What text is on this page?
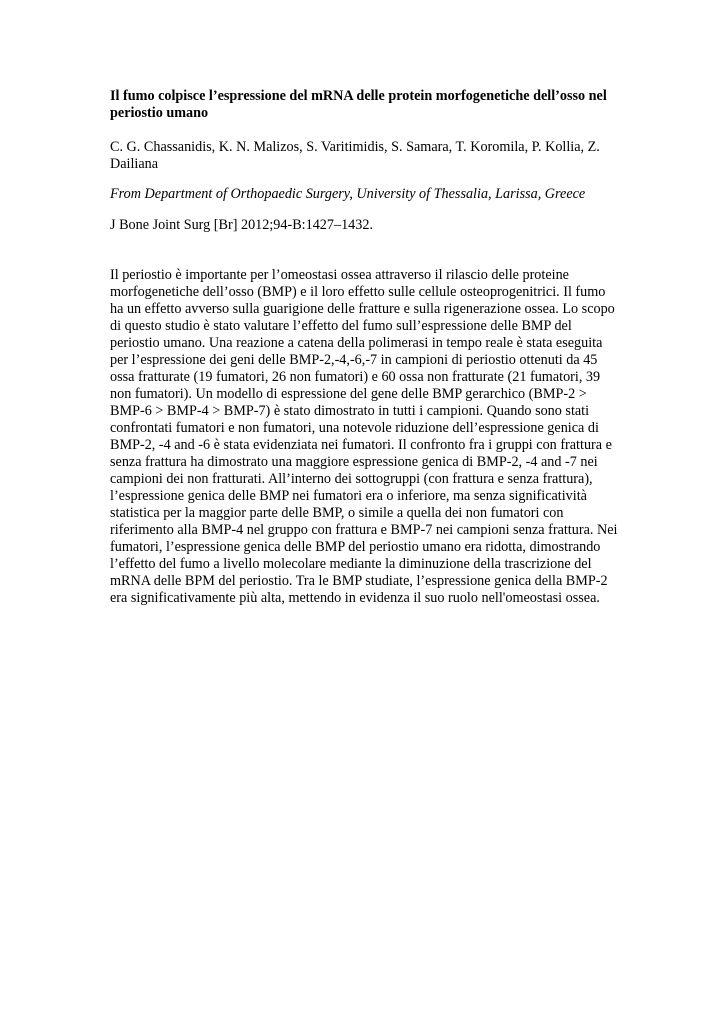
Il fumo colpisce l’espressione del mRNA delle protein morfogenetiche dell’osso nel periostio umano

C. G. Chassanidis, K. N. Malizos, S. Varitimidis, S. Samara, T. Koromila, P. Kollia, Z. Dailiana

From Department of Orthopaedic Surgery, University of Thessalia, Larissa, Greece

J Bone Joint Surg [Br] 2012;94-B:1427–1432.

Il periostio è importante per l’omeostasi ossea attraverso il rilascio delle proteine morfogenetiche dell’osso (BMP) e il loro effetto sulle cellule osteoprogenitrici. Il fumo ha un effetto avverso sulla guarigione delle fratture e sulla rigenerazione ossea. Lo scopo di questo studio è stato valutare l’effetto del fumo sull’espressione delle BMP del periostio umano. Una reazione a catena della polimerasi in tempo reale è stata eseguita per l’espressione dei geni delle BMP-2,-4,-6,-7 in campioni di periostio ottenuti da 45 ossa fratturate (19 fumatori, 26 non fumatori) e 60 ossa non fratturate (21 fumatori, 39 non fumatori). Un modello di espressione del gene delle BMP gerarchico (BMP-2 > BMP-6 > BMP-4 > BMP-7) è stato dimostrato in tutti i campioni. Quando sono stati confrontati fumatori e non fumatori, una notevole riduzione dell’espressione genica di BMP-2, -4 and -6 è stata evidenziata nei fumatori. Il confronto fra i gruppi con frattura e senza frattura ha dimostrato una maggiore espressione genica di BMP-2, -4 and -7 nei campioni dei non fratturati. All’interno dei sottogruppi (con frattura e senza frattura), l’espressione genica delle BMP nei fumatori era o inferiore, ma senza significatività statistica per la maggior parte delle BMP, o simile a quella dei non fumatori con riferimento alla BMP-4 nel gruppo con frattura e BMP-7 nei campioni senza frattura. Nei fumatori, l’espressione genica delle BMP del periostio umano era ridotta, dimostrando l’effetto del fumo a livello molecolare mediante la diminuzione della trascrizione del mRNA delle BPM del periostio. Tra le BMP studiate, l’espressione genica della BMP-2 era significativamente più alta, mettendo in evidenza il suo ruolo nell'omeostasi ossea.
